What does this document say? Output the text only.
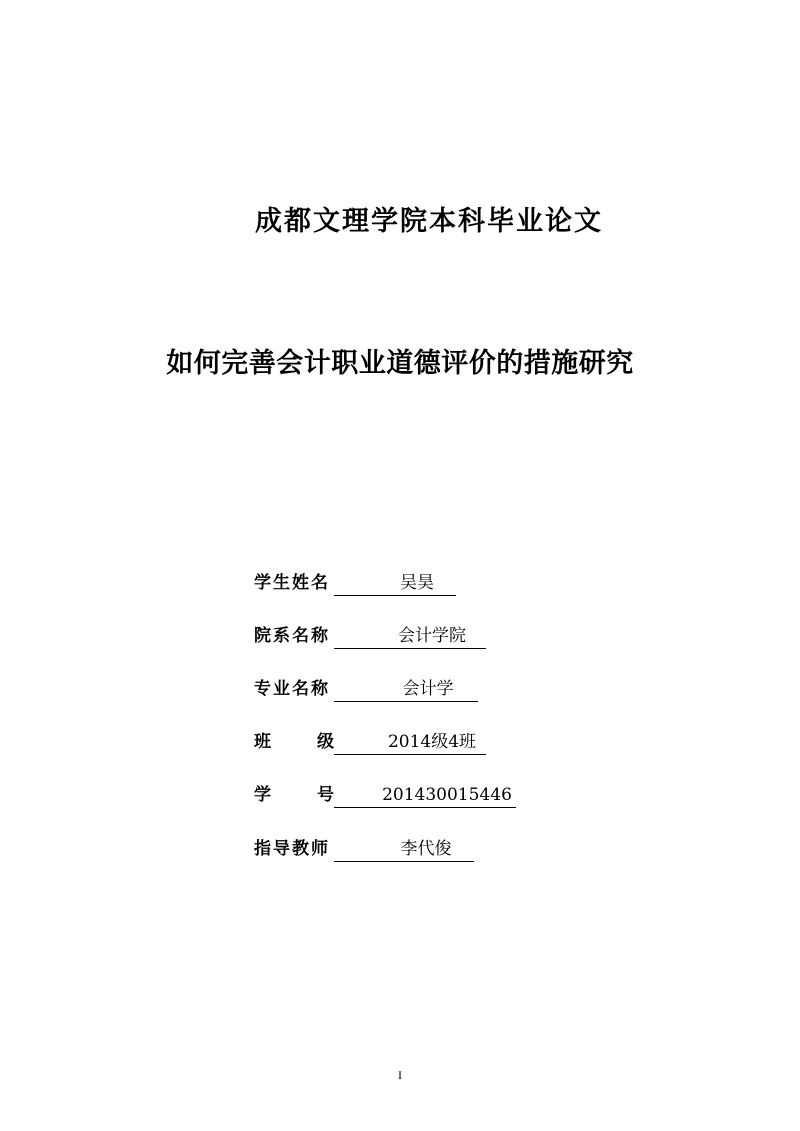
成都文理学院本科毕业论文
如何完善会计职业道德评价的措施研究
学生姓名	吴昊
院系名称	会计学院
专业名称	会计学
班	级	2014级4班
学	号	201430015446
指导教师	李代俊
I
